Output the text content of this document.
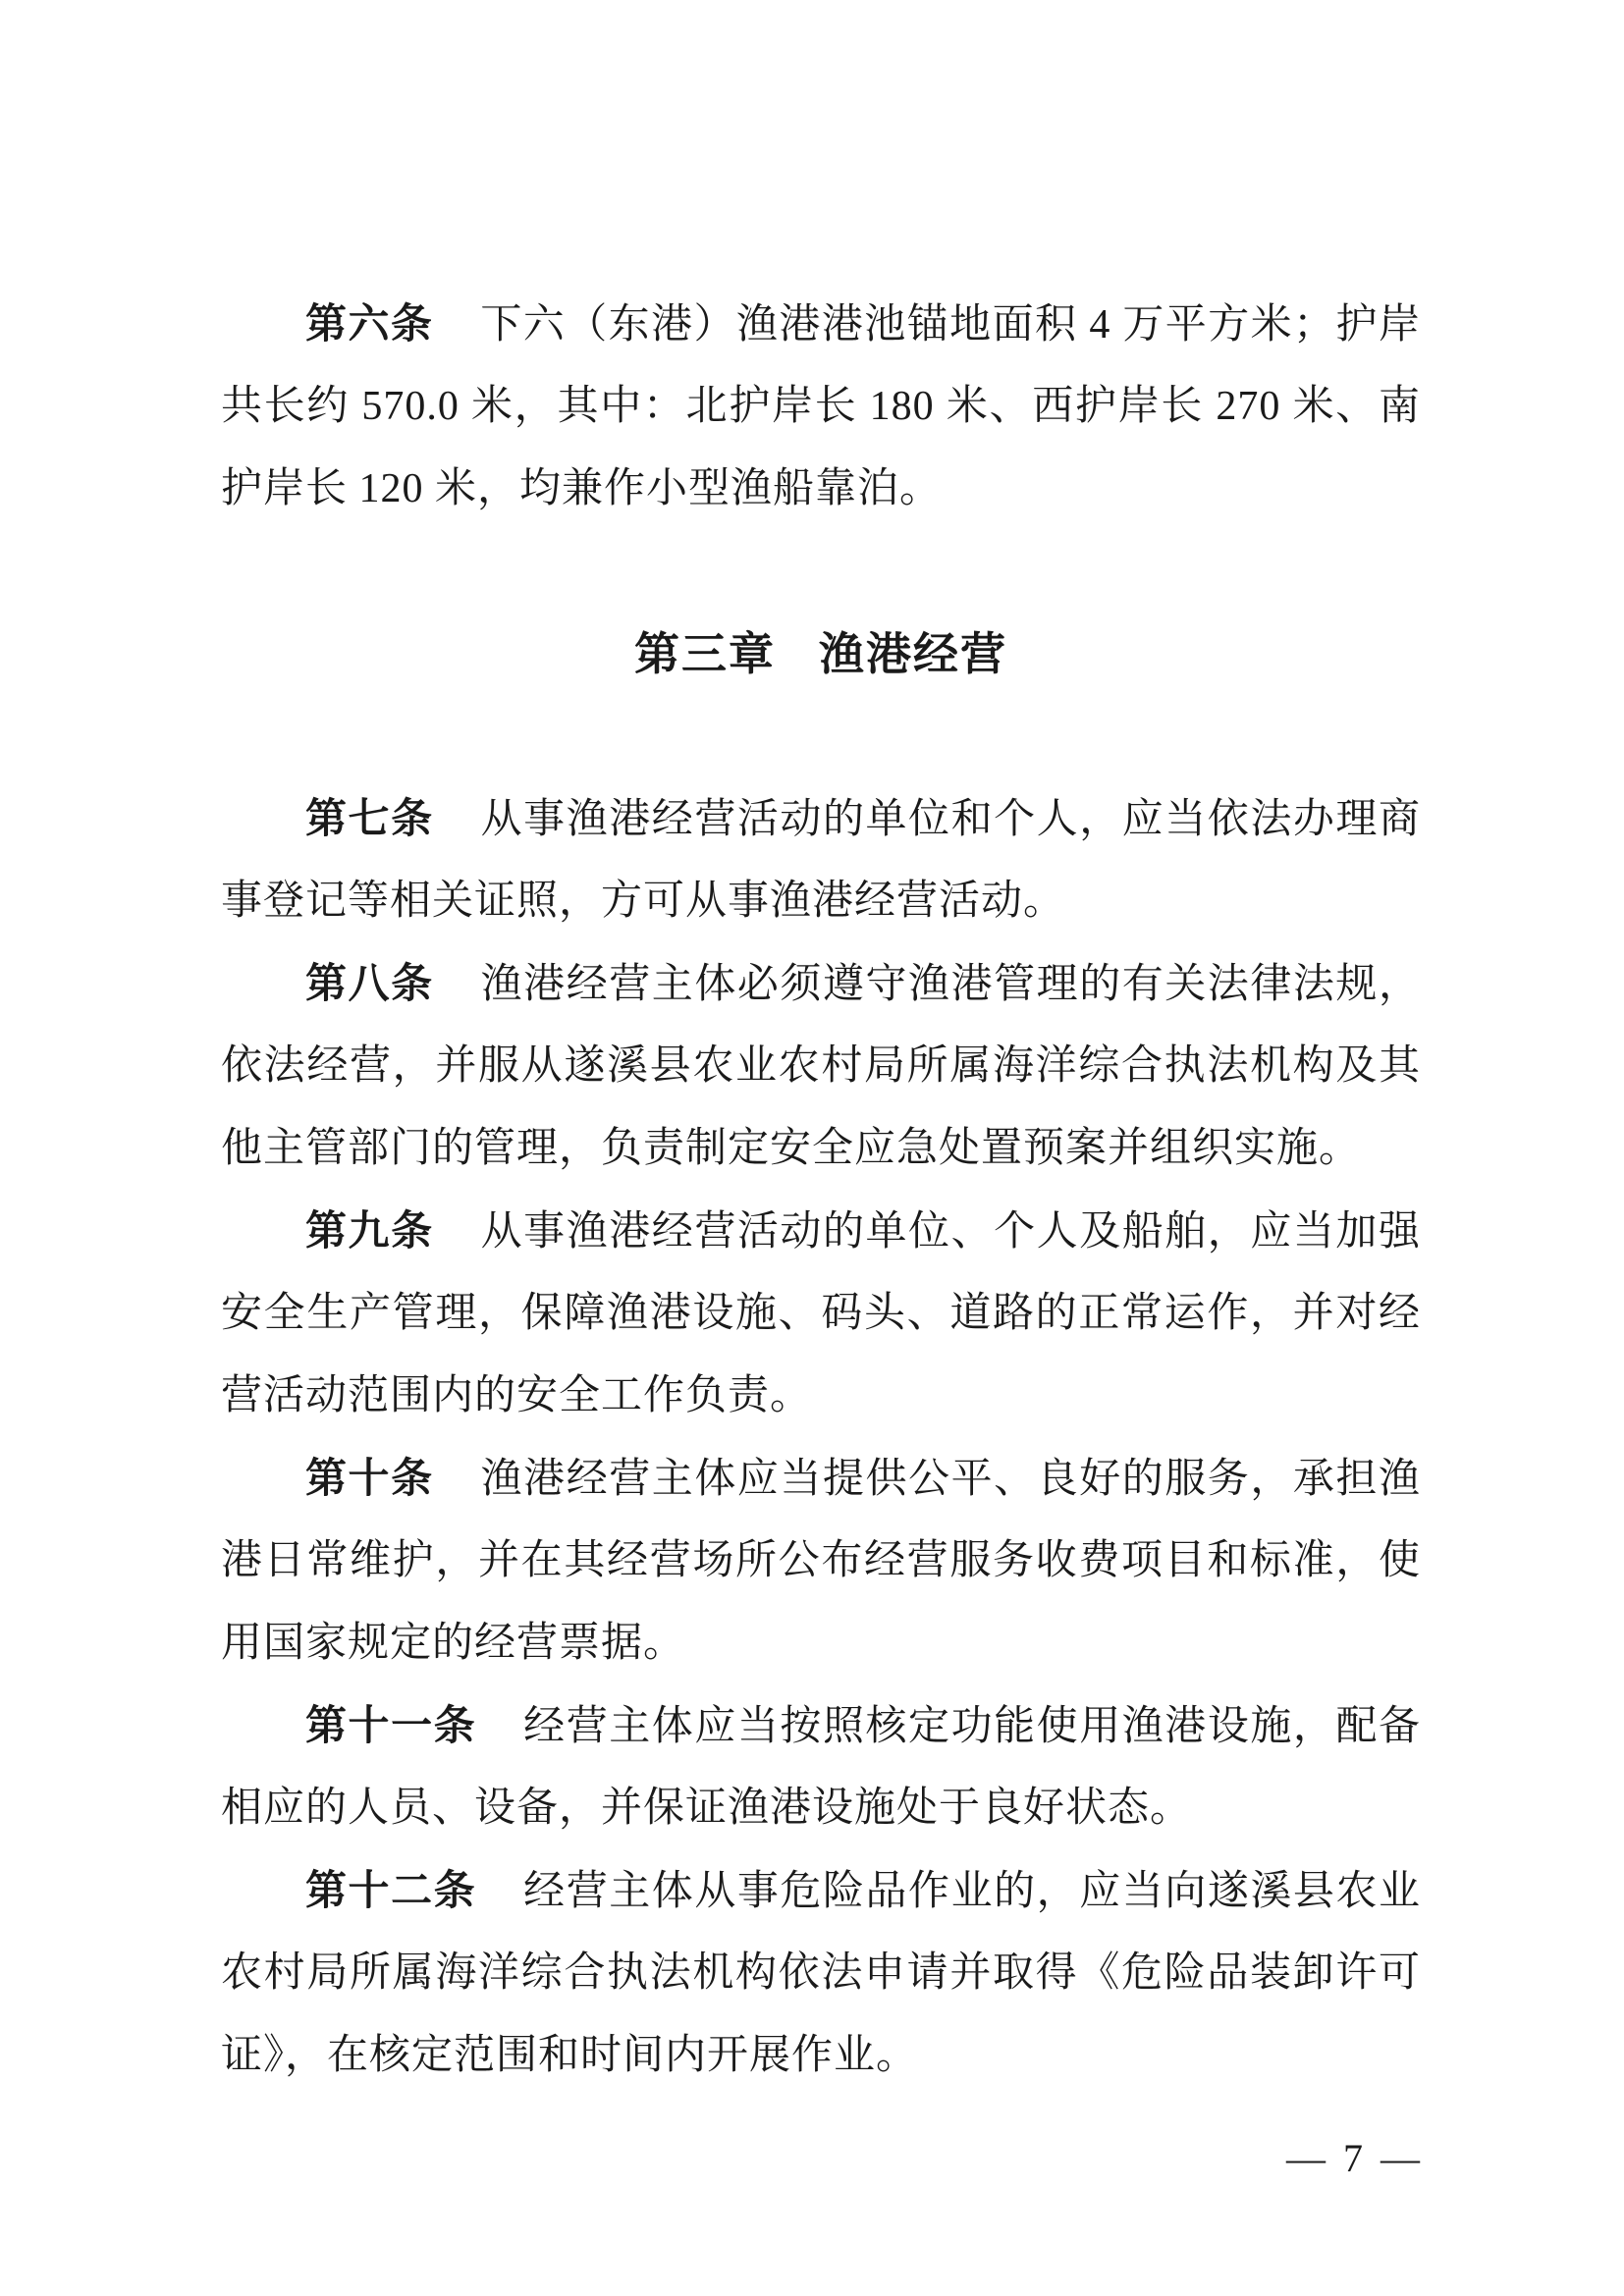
第六条 下六（东港）渔港港池锚地面积 4 万平方米；护岸

共长约 570.0 米，其中：北护岸长 180 米、西护岸长 270 米、南

护岸长 120 米，均兼作小型渔船靠泊。

第三章 渔港经营

第七条 从事渔港经营活动的单位和个人，应当依法办理商

事登记等相关证照，方可从事渔港经营活动。

第八条 渔港经营主体必须遵守渔港管理的有关法律法规，

依法经营，并服从遂溪县农业农村局所属海洋综合执法机构及其

他主管部门的管理，负责制定安全应急处置预案并组织实施。

第九条 从事渔港经营活动的单位、个人及船舶，应当加强

安全生产管理，保障渔港设施、码头、道路的正常运作，并对经

营活动范围内的安全工作负责。

第十条 渔港经营主体应当提供公平、良好的服务，承担渔

港日常维护，并在其经营场所公布经营服务收费项目和标准，使

用国家规定的经营票据。

第十一条 经营主体应当按照核定功能使用渔港设施，配备

相应的人员、设备，并保证渔港设施处于良好状态。

第十二条 经营主体从事危险品作业的，应当向遂溪县农业

农村局所属海洋综合执法机构依法申请并取得《危险品装卸许可

证》，在核定范围和时间内开展作业。

— 7 —
